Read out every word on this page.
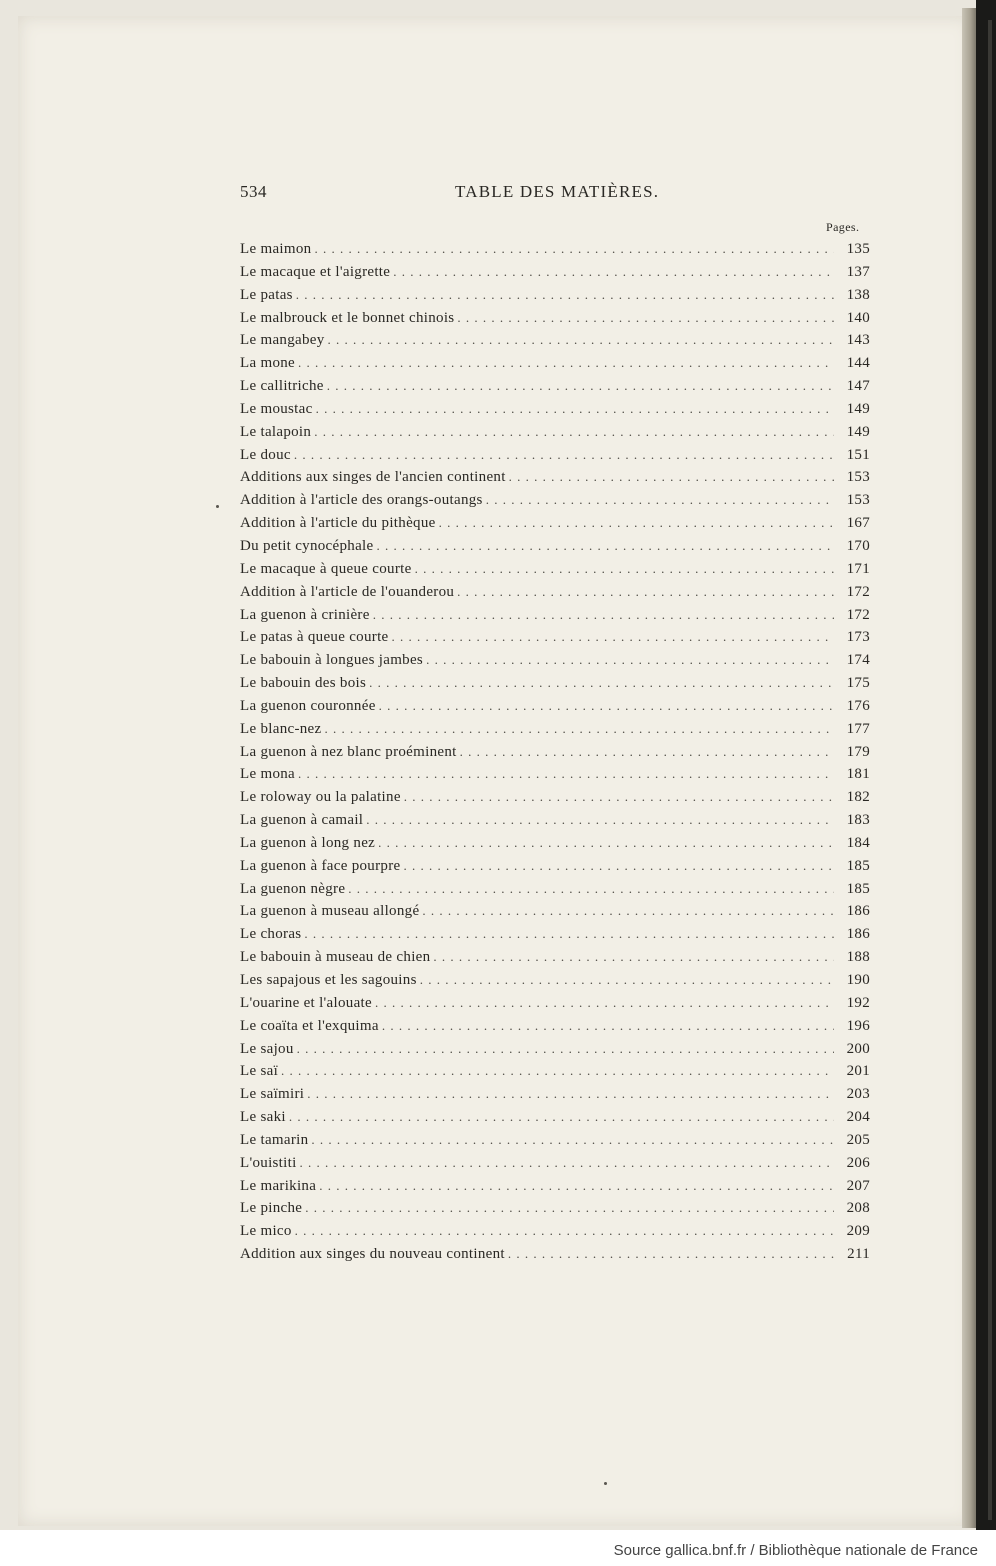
534	TABLE DES MATIÈRES.
Pages.
Le maimon . . .	135
Le macaque et l'aigrette . . .	137
Le patas . . .	138
Le malbrouck et le bonnet chinois . . .	140
Le mangabey . . .	143
La mone . . .	144
Le callitriche . . .	147
Le moustac . . .	149
Le talapoin . . .	149
Le douc . . .	151
Additions aux singes de l'ancien continent . . .	153
Addition à l'article des orangs-outangs . . .	153
Addition à l'article du pithèque . . .	167
Du petit cynocéphale . . .	170
Le macaque à queue courte . . .	171
Addition à l'article de l'ouanderou . . .	172
La guenon à crinière . . .	172
Le patas à queue courte . . .	173
Le babouin à longues jambes . . .	174
Le babouin des bois . . .	175
La guenon couronnée . . .	176
Le blanc-nez . . .	177
La guenon à nez blanc proéminent . . .	179
Le mona . . .	181
Le roloway ou la palatine . . .	182
La guenon à camail . . .	183
La guenon à long nez . . .	184
La guenon à face pourpre . . .	185
La guenon nègre . . .	185
La guenon à museau allongé . . .	186
Le choras . . .	186
Le babouin à museau de chien . . .	188
Les sapajous et les sagouins . . .	190
L'ouarine et l'alouate . . .	192
Le coaïta et l'exquima . . .	196
Le sajou . . .	200
Le saï . . .	201
Le saïmiri . . .	203
Le saki . . .	204
Le tamarin . . .	205
L'ouistiti . . .	206
Le marikina . . .	207
Le pinche . . .	208
Le mico . . .	209
Addition aux singes du nouveau continent . . .	211
Source gallica.bnf.fr / Bibliothèque nationale de France
